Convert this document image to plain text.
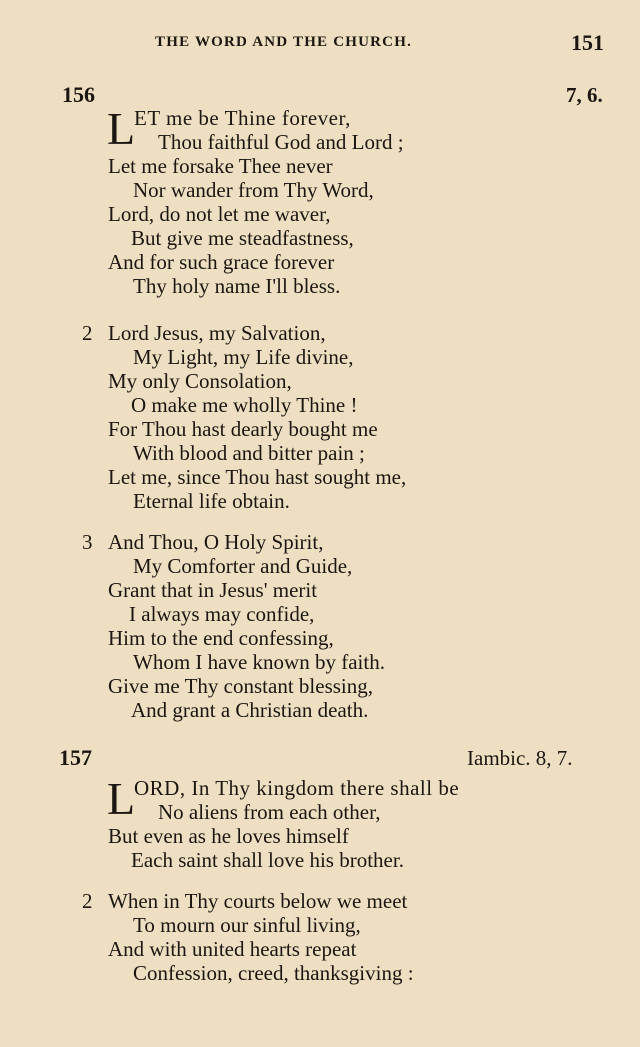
THE WORD AND THE CHURCH.	151
156	7, 6.
L
ET me be Thine forever,
Thou faithful God and Lord ;
Let me forsake Thee never
Nor wander from Thy Word,
Lord, do not let me waver,
But give me steadfastness,
And for such grace forever
Thy holy name I'll bless.
2 Lord Jesus, my Salvation,
My Light, my Life divine,
My only Consolation,
O make me wholly Thine !
For Thou hast dearly bought me
With blood and bitter pain ;
Let me, since Thou hast sought me,
Eternal life obtain.
3 And Thou, O Holy Spirit,
My Comforter and Guide,
Grant that in Jesus' merit
I always may confide,
Him to the end confessing,
Whom I have known by faith.
Give me Thy constant blessing,
And grant a Christian death.
157	Iambic. 8, 7.
L
ORD, In Thy kingdom there shall be
No aliens from each other,
But even as he loves himself
Each saint shall love his brother.
2 When in Thy courts below we meet
To mourn our sinful living,
And with united hearts repeat
Confession, creed, thanksgiving :
